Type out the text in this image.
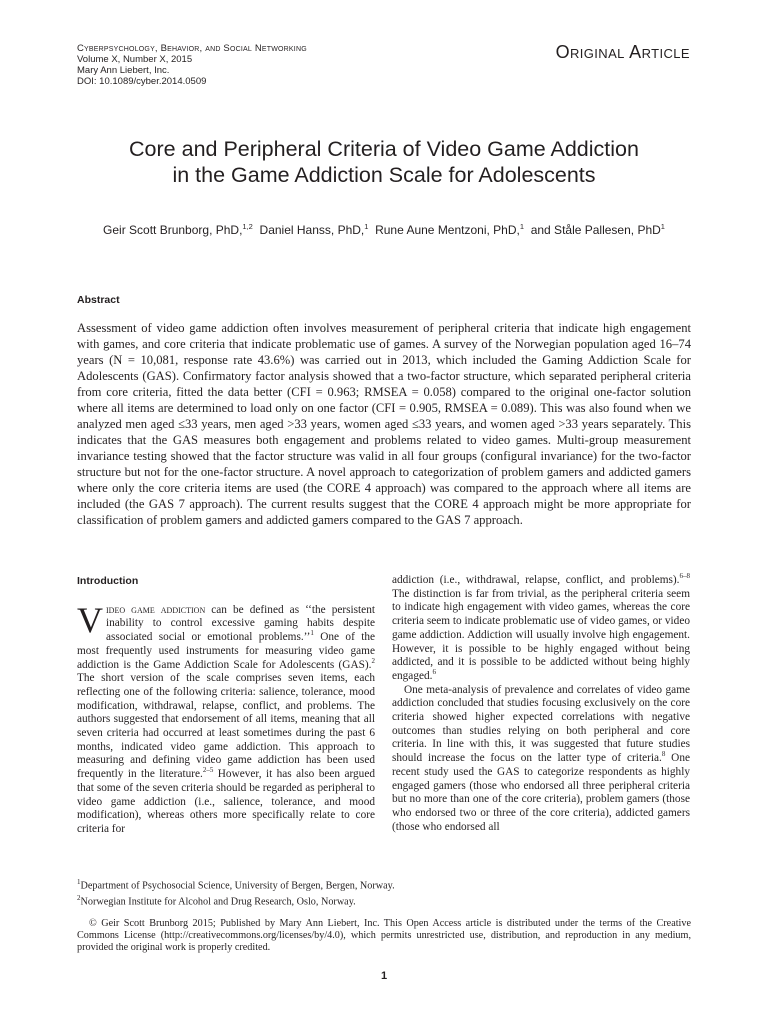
Cyberpsychology, Behavior, and Social Networking
Volume X, Number X, 2015
Mary Ann Liebert, Inc.
DOI: 10.1089/cyber.2014.0509
Original Article
Core and Peripheral Criteria of Video Game Addiction
in the Game Addiction Scale for Adolescents
Geir Scott Brunborg, PhD,$^{1,2}$ Daniel Hanss, PhD,$^1$ Rune Aune Mentzoni, PhD,$^1$ and Ståle Pallesen, PhD$^1$
Abstract
Assessment of video game addiction often involves measurement of peripheral criteria that indicate high engagement with games, and core criteria that indicate problematic use of games. A survey of the Norwegian population aged 16–74 years (N = 10,081, response rate 43.6%) was carried out in 2013, which included the Gaming Addiction Scale for Adolescents (GAS). Confirmatory factor analysis showed that a two-factor structure, which separated peripheral criteria from core criteria, fitted the data better (CFI = 0.963; RMSEA = 0.058) compared to the original one-factor solution where all items are determined to load only on one factor (CFI = 0.905, RMSEA = 0.089). This was also found when we analyzed men aged ≤33 years, men aged >33 years, women aged ≤33 years, and women aged >33 years separately. This indicates that the GAS measures both engagement and problems related to video games. Multi-group measurement invariance testing showed that the factor structure was valid in all four groups (configural invariance) for the two-factor structure but not for the one-factor structure. A novel approach to categorization of problem gamers and addicted gamers where only the core criteria items are used (the CORE 4 approach) was compared to the approach where all items are included (the GAS 7 approach). The current results suggest that the CORE 4 approach might be more appropriate for classification of problem gamers and addicted gamers compared to the GAS 7 approach.

Introduction

Video game addiction can be defined as ‘‘the persistent inability to control excessive gaming habits despite associated social or emotional problems.’’$^1$ One of the most frequently used instruments for measuring video game addiction is the Game Addiction Scale for Adolescents (GAS).$^2$ The short version of the scale comprises seven items, each reflecting one of the following criteria: salience, tolerance, mood modification, withdrawal, relapse, conflict, and problems. The authors suggested that endorsement of all items, meaning that all seven criteria had occurred at least sometimes during the past 6 months, indicated video game addiction. This approach to measuring and defining video game addiction has been used frequently in the literature.$^{2-5}$ However, it has also been argued that some of the seven criteria should be regarded as peripheral to video game addiction (i.e., salience, tolerance, and mood modification), whereas others more specifically relate to core criteria for

addiction (i.e., withdrawal, relapse, conflict, and problems).$^{6-8}$ The distinction is far from trivial, as the peripheral criteria seem to indicate high engagement with video games, whereas the core criteria seem to indicate problematic use of video games, or video game addiction. Addiction will usually involve high engagement. However, it is possible to be highly engaged without being addicted, and it is possible to be addicted without being highly engaged.$^6$

One meta-analysis of prevalence and correlates of video game addiction concluded that studies focusing exclusively on the core criteria showed higher expected correlations with negative outcomes than studies relying on both peripheral and core criteria. In line with this, it was suggested that future studies should increase the focus on the latter type of criteria.$^8$ One recent study used the GAS to categorize respondents as highly engaged gamers (those who endorsed all three peripheral criteria but no more than one of the core criteria), problem gamers (those who endorsed two or three of the core criteria), addicted gamers (those who endorsed all

$^1$Department of Psychosocial Science, University of Bergen, Bergen, Norway.
$^2$Norwegian Institute for Alcohol and Drug Research, Oslo, Norway.
© Geir Scott Brunborg 2015; Published by Mary Ann Liebert, Inc. This Open Access article is distributed under the terms of the Creative Commons License (http://creativecommons.org/licenses/by/4.0), which permits unrestricted use, distribution, and reproduction in any medium, provided the original work is properly credited.
1
